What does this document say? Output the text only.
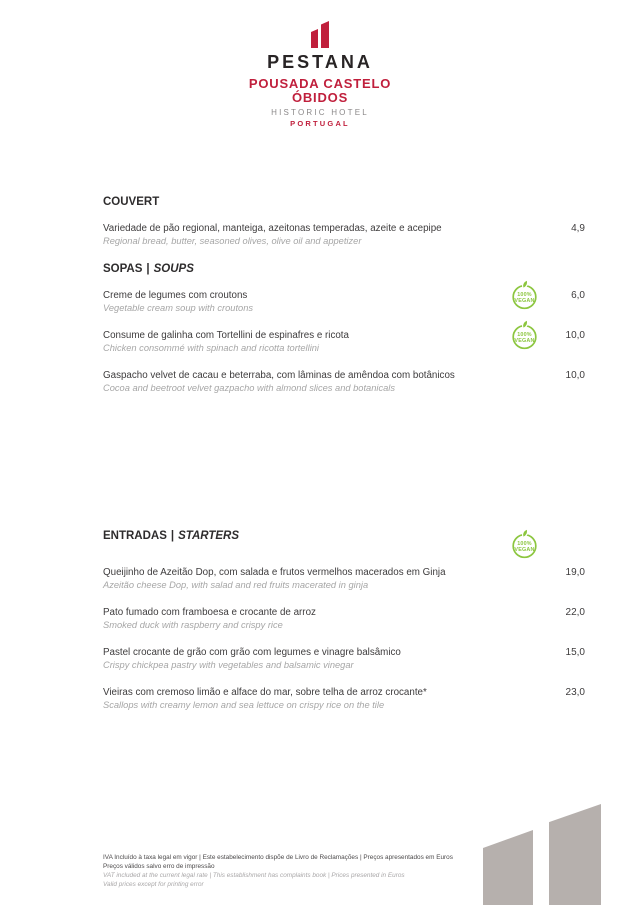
PESTANA
POUSADA CASTELO
ÓBIDOS
HISTORIC HOTEL
PORTUGAL
COUVERT
Variedade de pão regional, manteiga, azeitonas temperadas, azeite e acepipe
Regional bread, butter, seasoned olives, olive oil and appetizer
4,9
SOPAS | SOUPS
Creme de legumes com croutons
Vegetable cream soup with croutons
100%
VEGAN	6,0
Consume de galinha com Tortellini de espinafres e ricota
Chicken consommé with spinach and ricotta tortellini
100%
VEGAN	10,0
Gaspacho velvet de cacau e beterraba, com lâminas de amêndoa com botânicos
Cocoa and beetroot velvet gazpacho with almond slices and botanicals
10,0
ENTRADAS | STARTERS
100%
VEGAN
Queijinho de Azeitão Dop, com salada e frutos vermelhos macerados em Ginja
Azeitão cheese Dop, with salad and red fruits macerated in ginja
19,0
Pato fumado com framboesa e crocante de arroz
Smoked duck with raspberry and crispy rice
22,0
Pastel crocante de grão com grão com legumes e vinagre balsâmico
Crispy chickpea pastry with vegetables and balsamic vinegar
15,0
Vieiras com cremoso limão e alface do mar, sobre telha de arroz crocante*
Scallops with creamy lemon and sea lettuce on crispy rice on the tile
23,0
IVA Incluído à taxa legal em vigor | Este estabelecimento dispõe de Livro de Reclamações | Preços apresentados em Euros
Preços válidos salvo erro de impressão
VAT included at the current legal rate | This establishment has complaints book | Prices presented in Euros
Valid prices except for printing error
